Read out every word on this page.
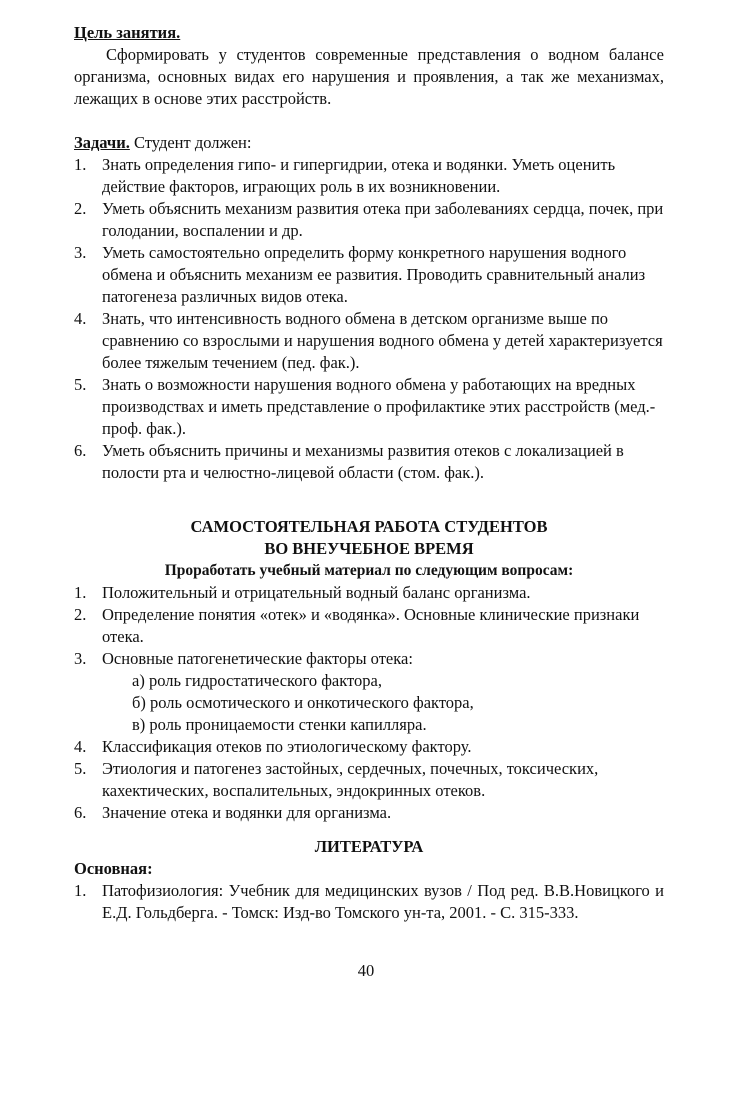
Цель занятия.

Сформировать у студентов современные представления о водном балансе организма, основных видах его нарушения и проявления, а так же механизмах, лежащих в основе этих расстройств.

Задачи. Студент должен:

1. Знать определения гипо- и гипергидрии, отека и водянки. Уметь оценить действие факторов, играющих роль в их возникновении.
2. Уметь объяснить механизм развития отека при заболеваниях сердца, почек, при голодании, воспалении и др.
3. Уметь самостоятельно определить форму конкретного нарушения водного обмена и объяснить механизм ее развития. Проводить сравнительный анализ патогенеза различных видов отека.
4. Знать, что интенсивность водного обмена в детском организме выше по сравнению со взрослыми и нарушения водного обмена у детей характеризуется более тяжелым течением (пед. фак.).
5. Знать о возможности нарушения водного обмена у работающих на вредных производствах и иметь представление о профилактике этих расстройств (мед.-проф. фак.).
6. Уметь объяснить причины и механизмы развития отеков с локализацией в полости рта и челюстно-лицевой области (стом. фак.).

САМОСТОЯТЕЛЬНАЯ РАБОТА СТУДЕНТОВ

ВО ВНЕУЧЕБНОЕ ВРЕМЯ

Проработать учебный материал по следующим вопросам:

1. Положительный и отрицательный водный баланс организма.
2. Определение понятия «отек» и «водянка». Основные клинические признаки отека.
3. Основные патогенетические факторы отека:
а) роль гидростатического фактора,
б) роль осмотического и онкотического фактора,
в) роль проницаемости стенки капилляра.
4. Классификация отеков по этиологическому фактору.
5. Этиология и патогенез застойных, сердечных, почечных, токсических, кахектических, воспалительных, эндокринных отеков.
6. Значение отека и водянки для организма.

ЛИТЕРАТУРА

Основная:

1. Патофизиология: Учебник для медицинских вузов / Под ред. В.В.Новицкого и Е.Д. Гольдберга. - Томск: Изд-во Томского ун-та, 2001. - С. 315-333.
40
